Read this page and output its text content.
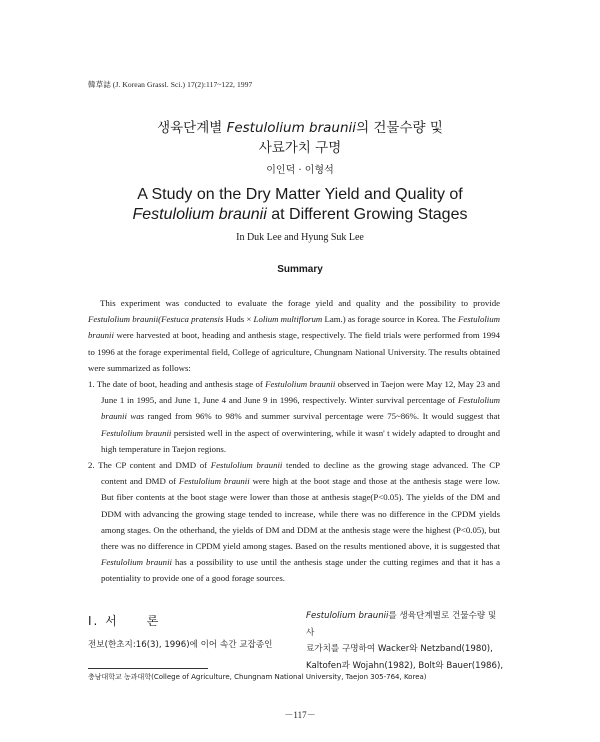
韓草誌 (J. Korean Grassl. Sci.) 17(2):117~122, 1997
생육단계별 Festulolium braunii의 건물수량 및
사료가치 구명
이인덕 · 이형석
A Study on the Dry Matter Yield and Quality of
Festulolium braunii at Different Growing Stages
In Duk Lee and Hyung Suk Lee
Summary

This experiment was conducted to evaluate the forage yield and quality and the possibility to provide Festulolium braunii(Festuca pratensis Huds × Lolium multiflorum Lam.) as forage source in Korea. The Festulolium braunii were harvested at boot, heading and anthesis stage, respectively. The field trials were performed from 1994 to 1996 at the forage experimental field, College of agriculture, Chungnam National University. The results obtained were summarized as follows:

1. The date of boot, heading and anthesis stage of Festulolium braunii observed in Taejon were May 12, May 23 and June 1 in 1995, and June 1, June 4 and June 9 in 1996, respectively. Winter survival percentage of Festulolium braunii was ranged from 96% to 98% and summer survival percentage were 75~86%. It would suggest that Festulolium braunii persisted well in the aspect of overwintering, while it wasn' t widely adapted to drought and high temperature in Taejon regions.

2. The CP content and DMD of Festulolium braunii tended to decline as the growing stage advanced. The CP content and DMD of Festulolium braunii were high at the boot stage and those at the anthesis stage were low. But fiber contents at the boot stage were lower than those at anthesis stage(P<0.05). The yields of the DM and DDM with advancing the growing stage tended to increase, while there was no difference in the CPDM yields among stages. On the otherhand, the yields of DM and DDM at the anthesis stage were the highest (P<0.05), but there was no difference in CPDM yield among stages. Based on the results mentioned above, it is suggested that Festulolium braunii has a possibility to use until the anthesis stage under the cutting regimes and that it has a potentiality to provide one of a good forage sources.

Ⅰ. 서　　론
전보(한초지:16(3), 1996)에 이어 속간 교잡종인

Festulolium braunii를 생육단계별로 건물수량 및 사

료가치를 구명하여 Wacker와 Netzband(1980),

Kaltofen과 Wojahn(1982), Bolt와 Bauer(1986),

충남대학교 농과대학(College of Agriculture, Chungnam National University, Taejon 305-764, Korea)
－117－
